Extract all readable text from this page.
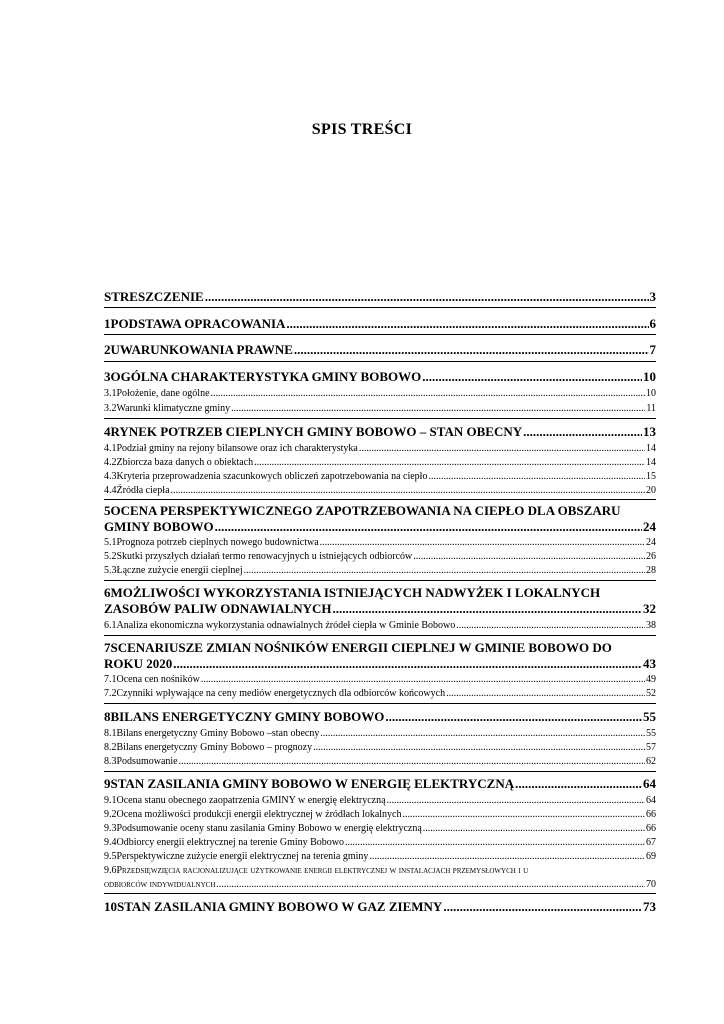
SPIS TREŚCI
STRESZCZENIE .....	3
1PODSTAWA OPRACOWANIA .....	6
2UWARUNKOWANIA PRAWNE .....	7
3OGÓLNA CHARAKTERYSTYKA GMINY BOBOWO .....	10
3.1Położenie, dane ogólne .....	10
3.2Warunki klimatyczne gminy .....	11
4RYNEK POTRZEB CIEPLNYCH GMINY BOBOWO – STAN OBECNY .....	13
4.1Podział gminy na rejony bilansowe oraz ich charakterystyka .....	14
4.2Zbiorcza baza danych o obiektach .....	14
4.3Kryteria przeprowadzenia szacunkowych obliczeń zapotrzebowania na ciepło .....	15
4.4Źródła ciepła .....	20
5OCENA PERSPEKTYWICZNEGO ZAPOTRZEBOWANIA NA CIEPŁO DLA OBSZARU
GMINY BOBOWO .....	24
5.1Prognoza potrzeb cieplnych nowego budownictwa .....	24
5.2Skutki przyszłych działań termo renowacyjnych u istniejących odbiorców .....	26
5.3Łączne zużycie energii cieplnej .....	28
6MOŻLIWOŚCI WYKORZYSTANIA ISTNIEJĄCYCH NADWYŻEK I LOKALNYCH
ZASOBÓW PALIW ODNAWIALNYCH .....	32
6.1Analiza ekonomiczna wykorzystania odnawialnych źródeł ciepła w Gminie Bobowo .....	38
7SCENARIUSZE ZMIAN NOŚNIKÓW ENERGII CIEPLNEJ W GMINIE BOBOWO DO
ROKU 2020 .....	43
7.1Ocena cen nośników .....	49
7.2Czynniki wpływające na ceny mediów energetycznych dla odbiorców końcowych .....	52
8BILANS ENERGETYCZNY GMINY BOBOWO .....	55
8.1Bilans energetyczny Gminy Bobowo –stan obecny .....	55
8.2Bilans energetyczny Gminy Bobowo – prognozy .....	57
8.3Podsumowanie .....	62
9STAN ZASILANIA GMINY BOBOWO W ENERGIĘ ELEKTRYCZNĄ .....	64
9.1Ocena stanu obecnego zaopatrzenia GMINY w energię elektryczną .....	64
9.2Ocena możliwości produkcji energii elektrycznej w źródłach lokalnych .....	66
9.3Podsumowanie oceny stanu zasilania Gminy Bobowo w energię elektryczną .....	66
9.4Odbiorcy energii elektrycznej na terenie Gminy Bobowo .....	67
9.5Perspektywiczne zużycie energii elektrycznej na terenia gminy .....	69
9.6Przedsięwzięcia racjonalizujące użytkowanie energii elektrycznej w instalacjach przemysłowych i u
odbiorców indywidualnych .....	70
10STAN ZASILANIA GMINY BOBOWO W GAZ ZIEMNY .....	73
